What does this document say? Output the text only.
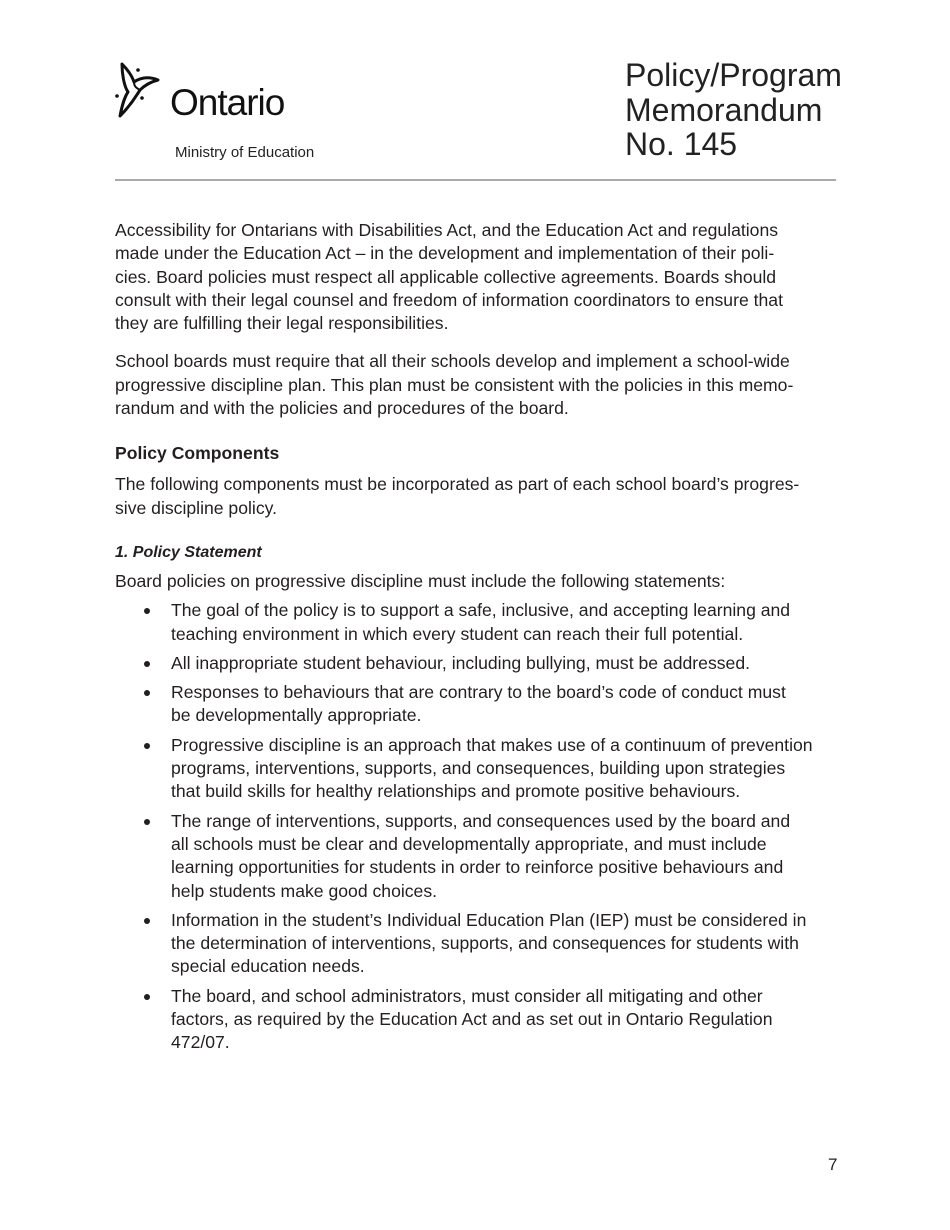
Ontario
Ministry of Education
Policy/Program
Memorandum
No. 145

Accessibility for Ontarians with Disabilities Act, and the Education Act and regulations
made under the Education Act – in the development and implementation of their poli-
cies. Board policies must respect all applicable collective agreements. Boards should
consult with their legal counsel and freedom of information coordinators to ensure that
they are fulfilling their legal responsibilities.

School boards must require that all their schools develop and implement a school-wide
progressive discipline plan. This plan must be consistent with the policies in this memo-
randum and with the policies and procedures of the board.

Policy Components

The following components must be incorporated as part of each school board’s progres-
sive discipline policy.

1. Policy Statement

Board policies on progressive discipline must include the following statements:

The goal of the policy is to support a safe, inclusive, and accepting learning and
teaching environment in which every student can reach their full potential.
All inappropriate student behaviour, including bullying, must be addressed.
Responses to behaviours that are contrary to the board’s code of conduct must
be developmentally appropriate.
Progressive discipline is an approach that makes use of a continuum of prevention
programs, interventions, supports, and consequences, building upon strategies
that build skills for healthy relationships and promote positive behaviours.
The range of interventions, supports, and consequences used by the board and
all schools must be clear and developmentally appropriate, and must include
learning opportunities for students in order to reinforce positive behaviours and
help students make good choices.
Information in the student’s Individual Education Plan (IEP) must be considered in
the determination of interventions, supports, and consequences for students with
special education needs.
The board, and school administrators, must consider all mitigating and other
factors, as required by the Education Act and as set out in Ontario Regulation
472/07.
7
